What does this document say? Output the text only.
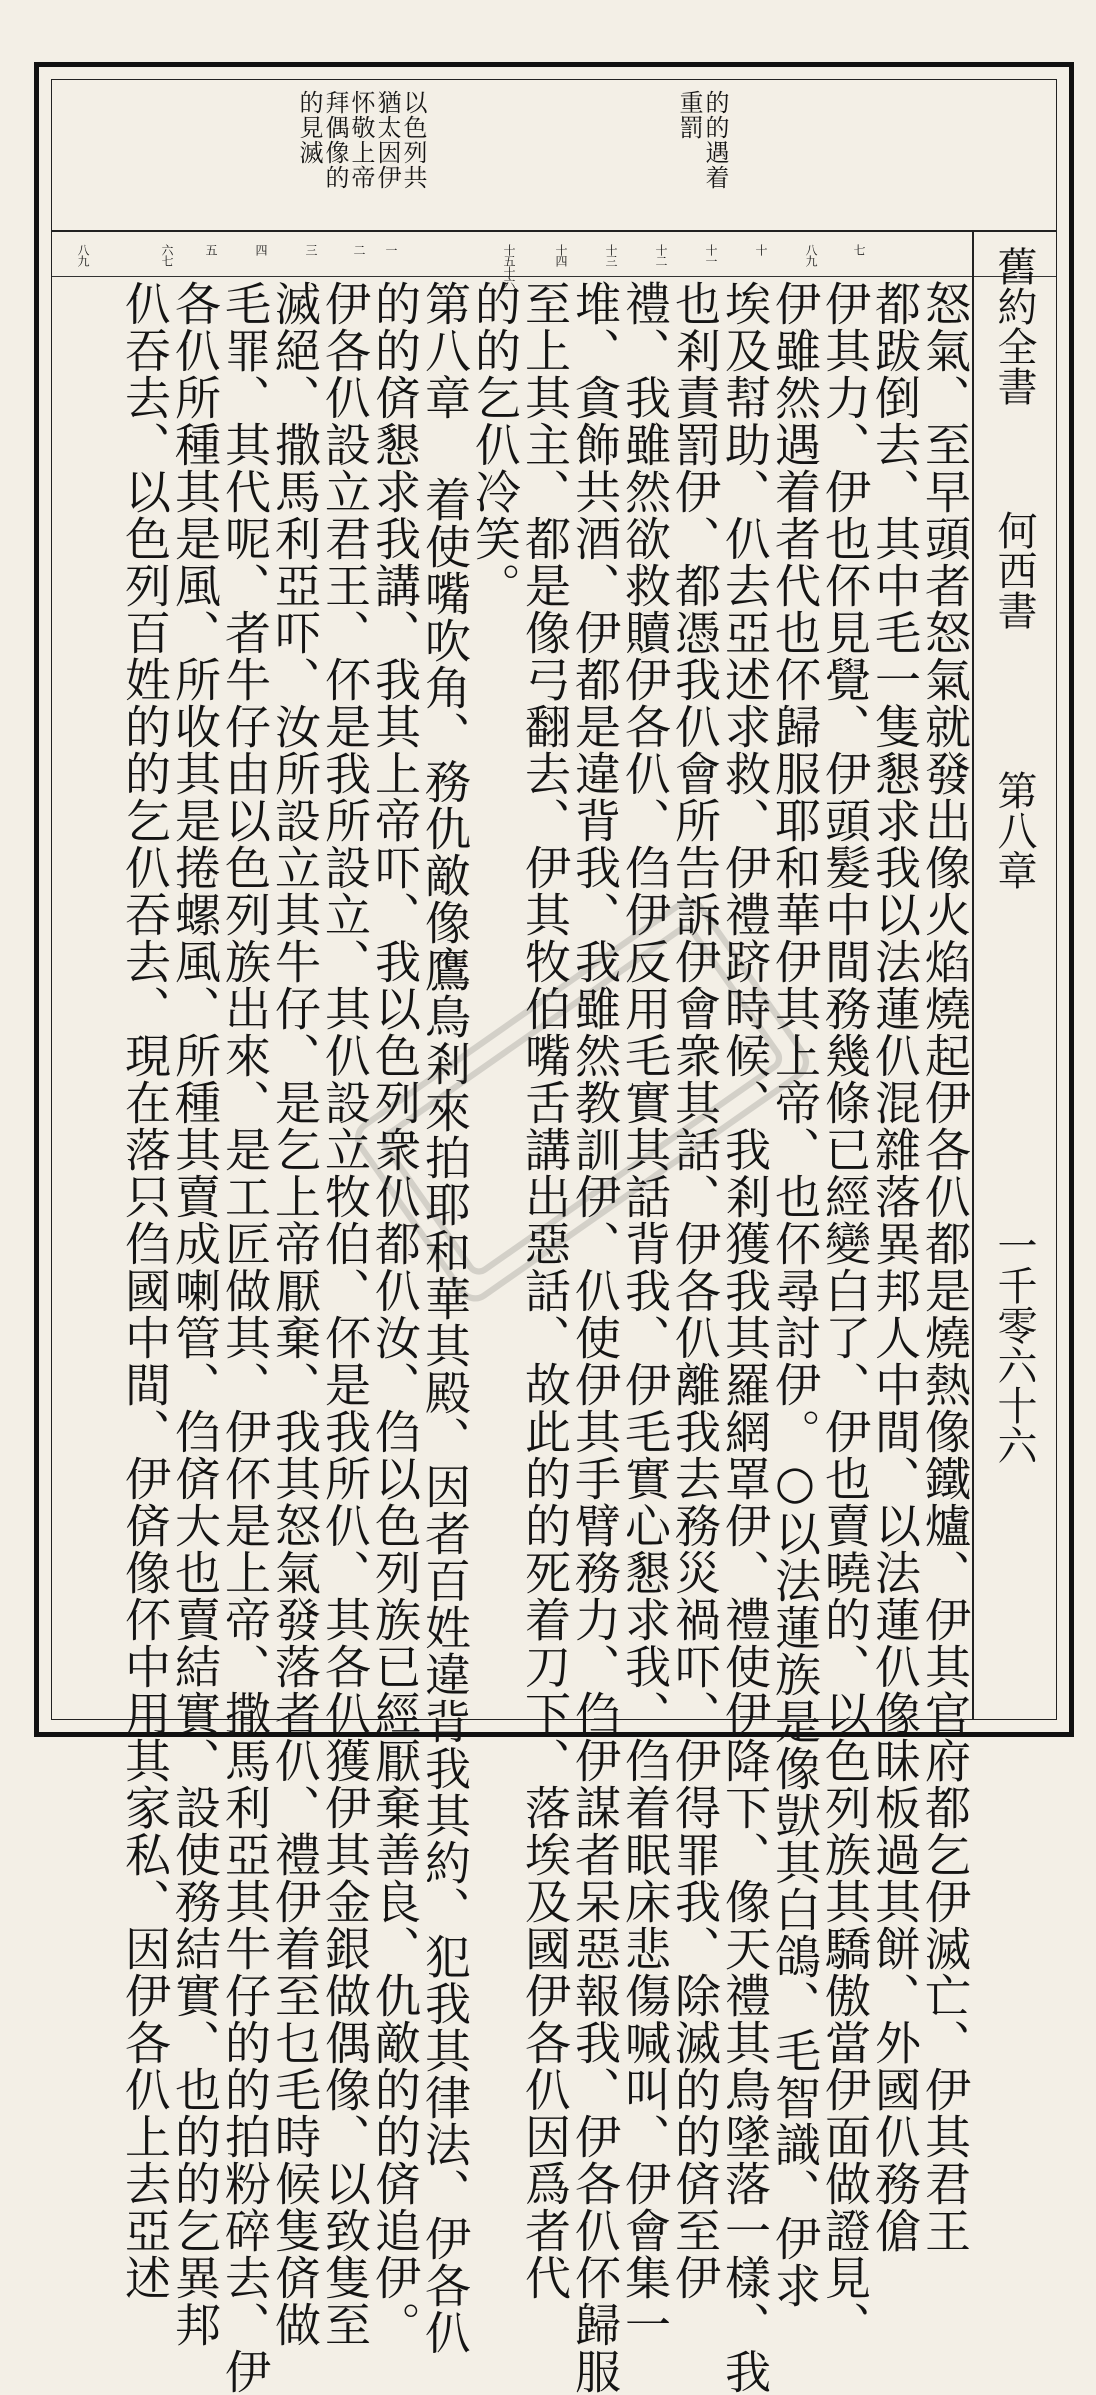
的的遇着
重罰
以色列共
猶太因伊
怀敬上帝
拜偶像的
的見滅
七
八九
十
十一
十二
十三
十四
十五十六
一
二
三
四
五
六七
八九	舊約全書
何西書
第八章
一千零六十六
怒氣、至早頭者怒氣就發出像火焰燒起伊各仈都是燒熱像鐵爐、伊其官府都乞伊滅亡、伊其君王
都跋倒去、其中毛一隻懇求我以法蓮仈混雜落異邦人中間、以法蓮仈像昧板過其餅、外國仈務傖
伊其力、伊也伓見覺、伊頭髮中間務幾條已經變白了、伊也賣曉的、以色列族其驕傲當伊面做證見、
伊雖然遇着者代也伓歸服耶和華伊其上帝、也伓尋討伊。○以法蓮族是像獃其白鴿、毛智識、伊求
埃及幇助、仈去亞述求救、伊禮跻時候、我剎獲我其羅網罩伊、禮使伊降下、像天禮其鳥墜落一樣、我
也剎責罰伊、都憑我仈會所告訴伊會衆其話、伊各仈離我去務災禍吓、伊得罪我、除滅的的㑪至伊
禮、我雖然欲救贖伊各仈、㑇伊反用毛實其話背我、伊毛實心懇求我、㑇着眠床悲傷喊叫、伊會集一
堆、貪飾共酒、伊都是違背我、我雖然教訓伊、仈使伊其手臂務力、㑇伊謀者呆惡報我、伊各仈伓歸服
至上其主、都是像弓翻去、伊其牧伯嘴舌講出惡話、故此的的死着刀下、落埃及國伊各仈因爲者代
的的乞仈冷笑。
第八章 着使嘴吹角、務仇敵像鷹鳥剎來拍耶和華其殿、因者百姓違背我其約、犯我其律法、伊各仈
的的㑪懇求我講、我其上帝吓、我以色列衆仈都仈汝、㑇以色列族已經厭棄善良、仇敵的的㑪追伊。
伊各仈設立君王、伓是我所設立、其仈設立牧伯、伓是我所仈、其各仈獲伊其金銀做偶像、以致隻至
滅絕、撒馬利亞吓、汝所設立其牛仔、是乞上帝厭棄、我其怒氣發落者仈、禮伊着至乜毛時候隻㑪做
毛罪、其代呢、者牛仔由以色列族出來、是工匠做其、伊伓是上帝、撒馬利亞其牛仔的的拍粉碎去、伊
各仈所種其是風、所收其是捲螺風、所種其賣成喇管、㑇㑪大也賣結實、設使務結實、也的的乞異邦
仈吞去、以色列百姓的的乞仈吞去、現在落只㑇國中間、伊㑪像伓中用其家私、因伊各仈上去亞述
